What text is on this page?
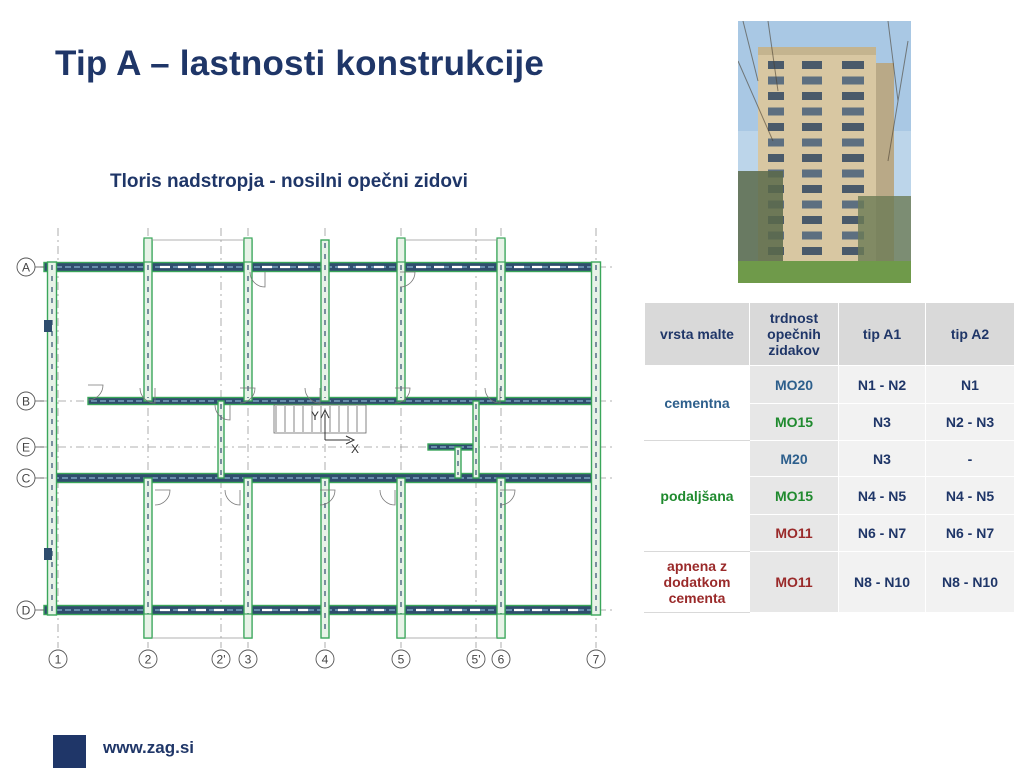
Tip A – lastnosti konstrukcije
Tloris nadstropja - nosilni opečni zidovi
Y
X
A
B
E
C
D
1	2	2' 3	4	5	5' 6	7
vrsta malte	trdnost opečnih zidakov	tip A1	tip A2
cementna	MO20	N1 - N2	N1
	MO15	N3	N2 - N3
podaljšana	M20	N3	-
	MO15	N4 - N5	N4 - N5
	MO11	N6 - N7	N6 - N7
apnena z dodatkom cementa	MO11	N8 - N10	N8 - N10
www.zag.si
